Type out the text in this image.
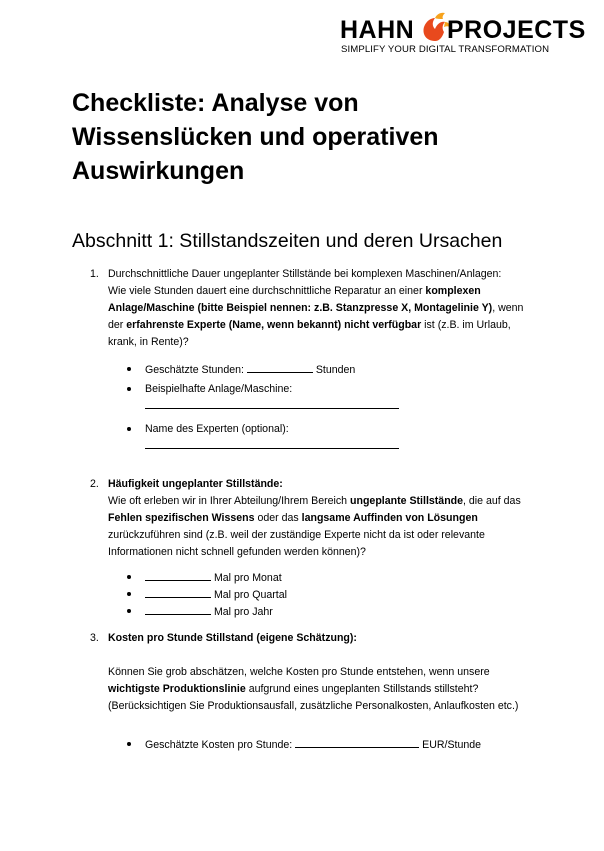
HAHN PROJECTS
SIMPLIFY YOUR DIGITAL TRANSFORMATION
Checkliste: Analyse von
Wissenslücken und operativen
Auswirkungen
Abschnitt 1: Stillstandszeiten und deren Ursachen
1. Durchschnittliche Dauer ungeplanter Stillstände bei komplexen Maschinen/Anlagen:
Wie viele Stunden dauert eine durchschnittliche Reparatur an einer komplexen
Anlage/Maschine (bitte Beispiel nennen: z.B. Stanzpresse X, Montagelinie Y), wenn
der erfahrenste Experte (Name, wenn bekannt) nicht verfügbar ist (z.B. im Urlaub,
krank, in Rente)?
Geschätzte Stunden:	Stunden
Beispielhafte Anlage/Maschine:
Name des Experten (optional):
2. Häufigkeit ungeplanter Stillstände:
Wie oft erleben wir in Ihrer Abteilung/Ihrem Bereich ungeplante Stillstände, die auf das
Fehlen spezifischen Wissens oder das langsame Auffinden von Lösungen
zurückzuführen sind (z.B. weil der zuständige Experte nicht da ist oder relevante
Informationen nicht schnell gefunden werden können)?
Mal pro Monat
Mal pro Quartal
Mal pro Jahr
3. Kosten pro Stunde Stillstand (eigene Schätzung):
Können Sie grob abschätzen, welche Kosten pro Stunde entstehen, wenn unsere
wichtigste Produktionslinie aufgrund eines ungeplanten Stillstands stillsteht?
(Berücksichtigen Sie Produktionsausfall, zusätzliche Personalkosten, Anlaufkosten etc.)
Geschätzte Kosten pro Stunde:	EUR/Stunde
